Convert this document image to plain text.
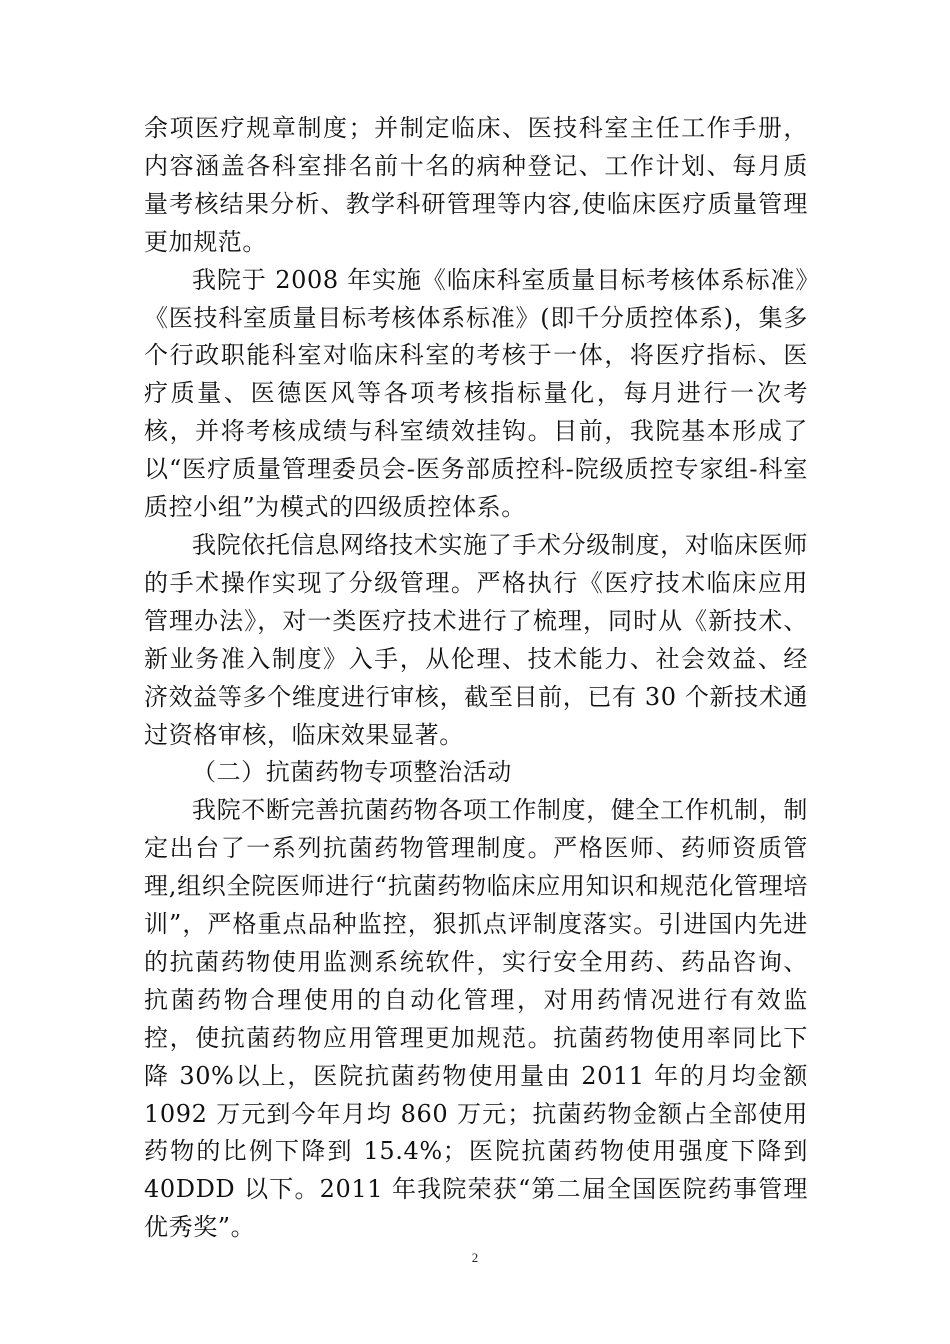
余项医疗规章制度；并制定临床、医技科室主任工作手册，内容涵盖各科室排名前十名的病种登记、工作计划、每月质量考核结果分析、教学科研管理等内容,使临床医疗质量管理更加规范。

我院于 2008 年实施《临床科室质量目标考核体系标准》《医技科室质量目标考核体系标准》(即千分质控体系)，集多个行政职能科室对临床科室的考核于一体，将医疗指标、医疗质量、医德医风等各项考核指标量化，每月进行一次考核，并将考核成绩与科室绩效挂钩。目前，我院基本形成了以“医疗质量管理委员会-医务部质控科-院级质控专家组-科室质控小组”为模式的四级质控体系。

我院依托信息网络技术实施了手术分级制度，对临床医师的手术操作实现了分级管理。严格执行《医疗技术临床应用管理办法》，对一类医疗技术进行了梳理，同时从《新技术、新业务准入制度》入手，从伦理、技术能力、社会效益、经济效益等多个维度进行审核，截至目前，已有 30 个新技术通过资格审核，临床效果显著。

（二）抗菌药物专项整治活动

我院不断完善抗菌药物各项工作制度，健全工作机制，制定出台了一系列抗菌药物管理制度。严格医师、药师资质管理,组织全院医师进行“抗菌药物临床应用知识和规范化管理培训”，严格重点品种监控，狠抓点评制度落实。引进国内先进的抗菌药物使用监测系统软件，实行安全用药、药品咨询、抗菌药物合理使用的自动化管理，对用药情况进行有效监控，使抗菌药物应用管理更加规范。抗菌药物使用率同比下降 30%以上，医院抗菌药物使用量由 2011 年的月均金额 1092 万元到今年月均 860 万元；抗菌药物金额占全部使用药物的比例下降到 15.4%；医院抗菌药物使用强度下降到 40DDD 以下。2011 年我院荣获“第二届全国医院药事管理优秀奖”。

2
